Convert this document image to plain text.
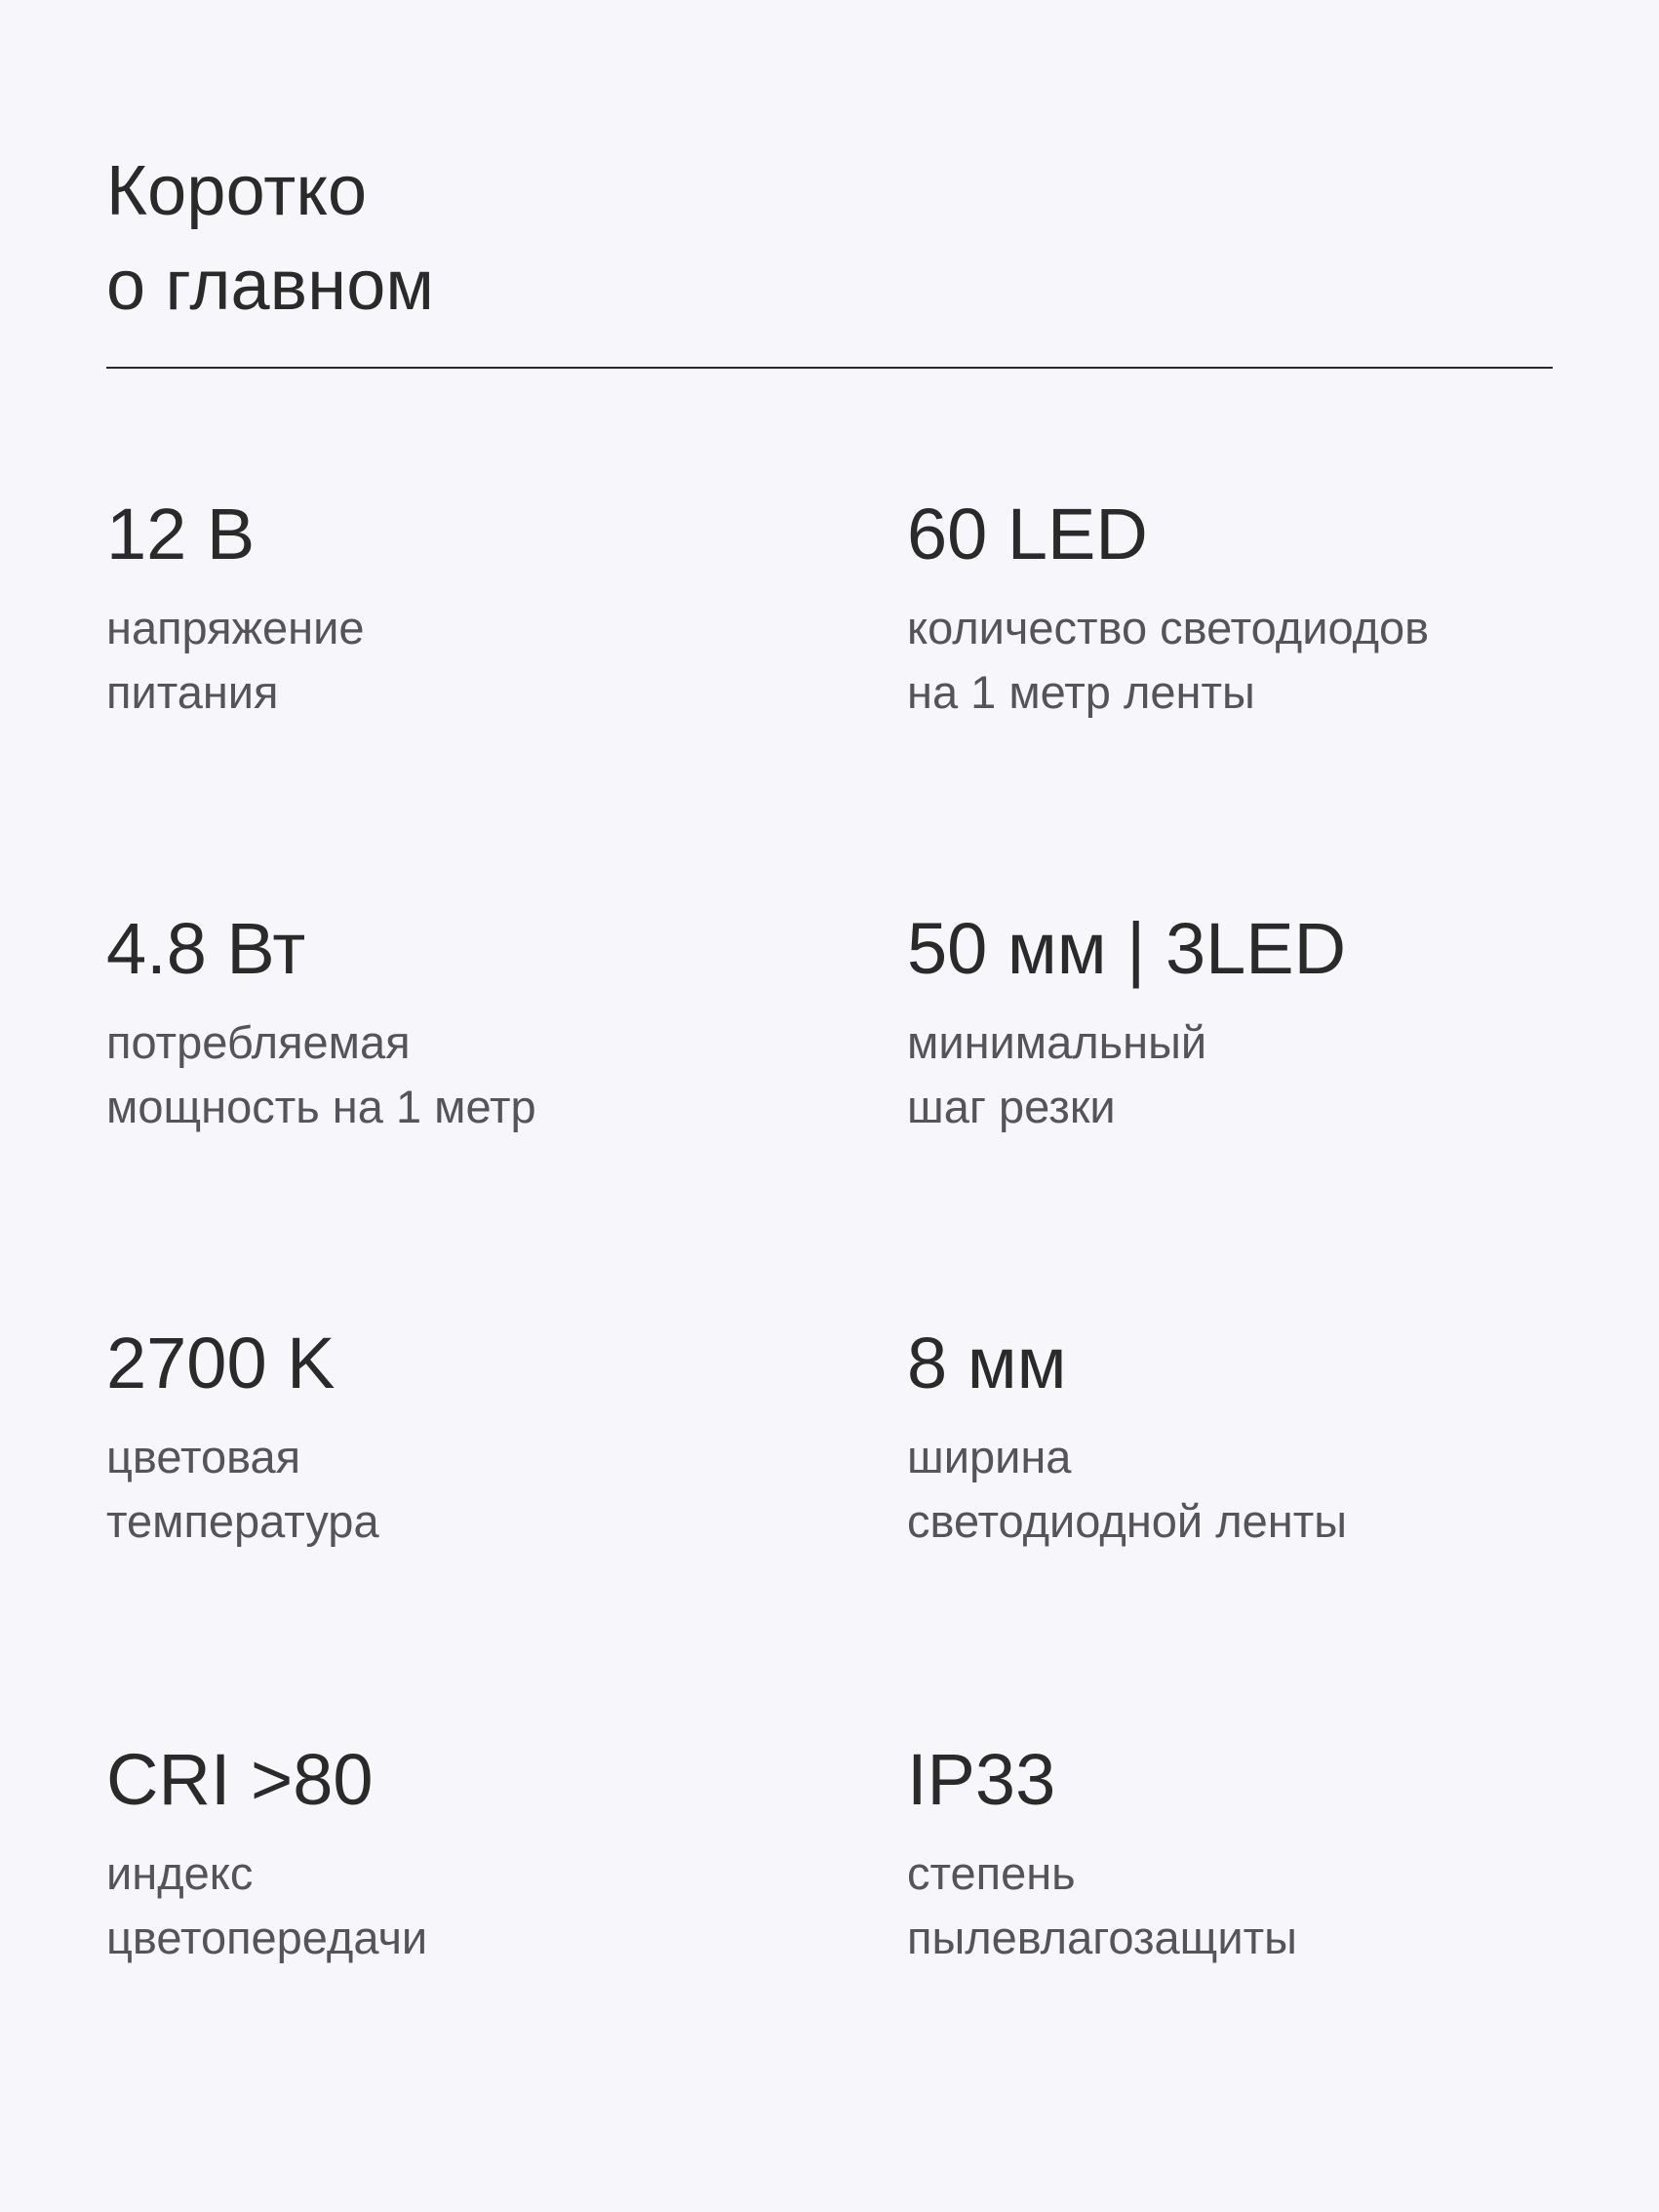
Коротко
о главном
12 В
напряжение
питания
60 LED
количество светодиодов
на 1 метр ленты
4.8 Вт
потребляемая
мощность на 1 метр
50 мм | 3LED
минимальный
шаг резки
2700 K
цветовая
температура
8 мм
ширина
светодиодной ленты
CRI >80
индекс
цветопередачи
IP33
степень
пылевлагозащиты
